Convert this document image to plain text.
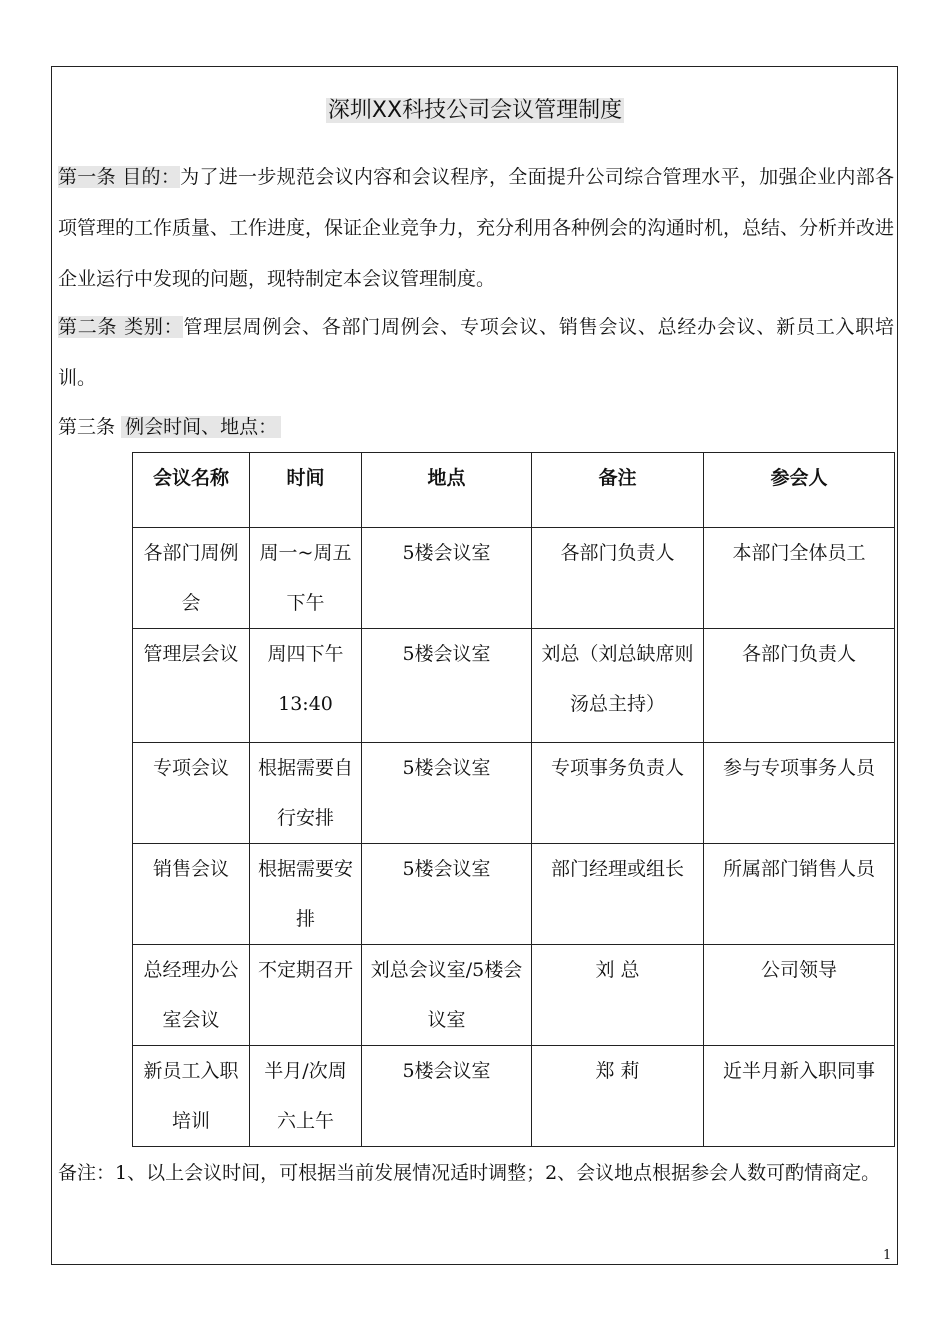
深圳XX科技公司会议管理制度
第一条 目的：为了进一步规范会议内容和会议程序，全面提升公司综合管理水平，加强企业内部各项管理的工作质量、工作进度，保证企业竞争力，充分利用各种例会的沟通时机，总结、分析并改进企业运行中发现的问题，现特制定本会议管理制度。
第二条 类别：管理层周例会、各部门周例会、专项会议、销售会议、总经办会议、新员工入职培训。
第三条 例会时间、地点：
会议名称	时间	地点	备注	参会人
各部门周例会	周一~周五下午	5楼会议室	各部门负责人	本部门全体员工
管理层会议	周四下午13:40	5楼会议室	刘总（刘总缺席则汤总主持）	各部门负责人
专项会议	根据需要自行安排	5楼会议室	专项事务负责人	参与专项事务人员
销售会议	根据需要安排	5楼会议室	部门经理或组长	所属部门销售人员
总经理办公室会议	不定期召开	刘总会议室/5楼会议室	刘 总	公司领导
新员工入职培训	半月/次周六上午	5楼会议室	郑 莉	近半月新入职同事
备注：1、以上会议时间，可根据当前发展情况适时调整；2、会议地点根据参会人数可酌情商定。
1
